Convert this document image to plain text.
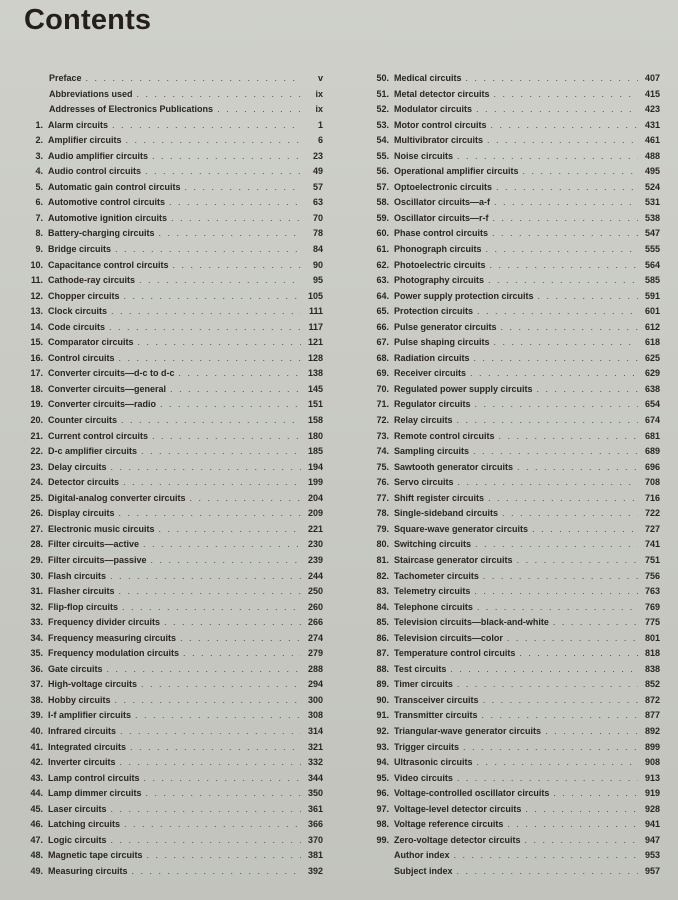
Contents
Preface . . .	v
Abbreviations used . . .	ix
Addresses of Electronics Publications . . .	ix
1. Alarm circuits . . .	1
2. Amplifier circuits . . .	6
3. Audio amplifier circuits . . .	23
4. Audio control circuits . . .	49
5. Automatic gain control circuits . . .	57
6. Automotive control circuits . . .	63
7. Automotive ignition circuits . . .	70
8. Battery-charging circuits . . .	78
9. Bridge circuits . . .	84
10. Capacitance control circuits . . .	90
11. Cathode-ray circuits . . .	95
12. Chopper circuits . . .	105
13. Clock circuits . . .	111
14. Code circuits . . .	117
15. Comparator circuits . . .	121
16. Control circuits . . .	128
17. Converter circuits—d-c to d-c . . .	138
18. Converter circuits—general . . .	145
19. Converter circuits—radio . . .	151
20. Counter circuits . . .	158
21. Current control circuits . . .	180
22. D-c amplifier circuits . . .	185
23. Delay circuits . . .	194
24. Detector circuits . . .	199
25. Digital-analog converter circuits . . .	204
26. Display circuits . . .	209
27. Electronic music circuits . . .	221
28. Filter circuits—active . . .	230
29. Filter circuits—passive . . .	239
30. Flash circuits . . .	244
31. Flasher circuits . . .	250
32. Flip-flop circuits . . .	260
33. Frequency divider circuits . . .	266
34. Frequency measuring circuits . . .	274
35. Frequency modulation circuits . . .	279
36. Gate circuits . . .	288
37. High-voltage circuits . . .	294
38. Hobby circuits . . .	300
39. I-f amplifier circuits . . .	308
40. Infrared circuits . . .	314
41. Integrated circuits . . .	321
42. Inverter circuits . . .	332
43. Lamp control circuits . . .	344
44. Lamp dimmer circuits . . .	350
45. Laser circuits . . .	361
46. Latching circuits . . .	366
47. Logic circuits . . .	370
48. Magnetic tape circuits . . .	381
49. Measuring circuits . . .	392
50. Medical circuits . . .	407
51. Metal detector circuits . . .	415
52. Modulator circuits . . .	423
53. Motor control circuits . . .	431
54. Multivibrator circuits . . .	461
55. Noise circuits . . .	488
56. Operational amplifier circuits . . .	495
57. Optoelectronic circuits . . .	524
58. Oscillator circuits—a-f . . .	531
59. Oscillator circuits—r-f . . .	538
60. Phase control circuits . . .	547
61. Phonograph circuits . . .	555
62. Photoelectric circuits . . .	564
63. Photography circuits . . .	585
64. Power supply protection circuits . . .	591
65. Protection circuits . . .	601
66. Pulse generator circuits . . .	612
67. Pulse shaping circuits . . .	618
68. Radiation circuits . . .	625
69. Receiver circuits . . .	629
70. Regulated power supply circuits . . .	638
71. Regulator circuits . . .	654
72. Relay circuits . . .	674
73. Remote control circuits . . .	681
74. Sampling circuits . . .	689
75. Sawtooth generator circuits . . .	696
76. Servo circuits . . .	708
77. Shift register circuits . . .	716
78. Single-sideband circuits . . .	722
79. Square-wave generator circuits . . .	727
80. Switching circuits . . .	741
81. Staircase generator circuits . . .	751
82. Tachometer circuits . . .	756
83. Telemetry circuits . . .	763
84. Telephone circuits . . .	769
85. Television circuits—black-and-white . . .	775
86. Television circuits—color . . .	801
87. Temperature control circuits . . .	818
88. Test circuits . . .	838
89. Timer circuits . . .	852
90. Transceiver circuits . . .	872
91. Transmitter circuits . . .	877
92. Triangular-wave generator circuits . . .	892
93. Trigger circuits . . .	899
94. Ultrasonic circuits . . .	908
95. Video circuits . . .	913
96. Voltage-controlled oscillator circuits . . .	919
97. Voltage-level detector circuits . . .	928
98. Voltage reference circuits . . .	941
99. Zero-voltage detector circuits . . .	947
Author index . . .	953
Subject index . . .	957
